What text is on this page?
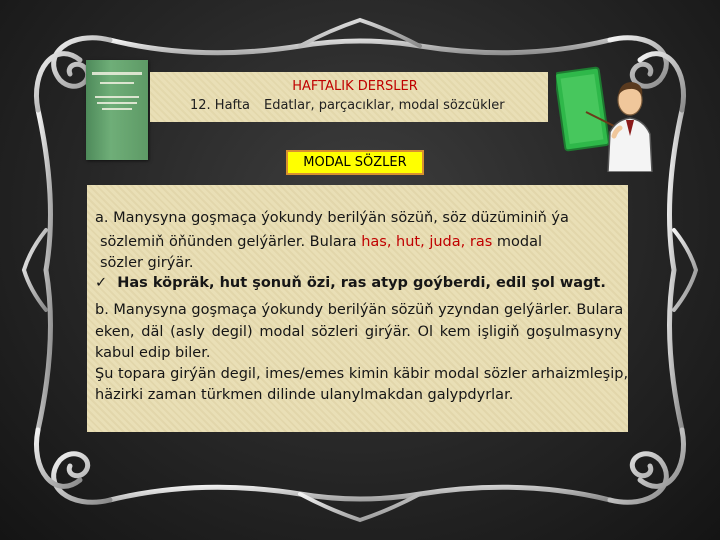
HAFTALIK DERSLER
12. Hafta Edatlar, parçacıklar, modal sözcükler
MODAL SÖZLER
a. Manysyna goşmaça ýokundy berilýän sözüň, söz düzüminiň ýa
sözlemiň öňünden gelýärler. Bulara has, hut, juda, ras modal
sözler girýär.
✓ Has köpräk, hut şonuň özi, ras atyp goýberdi, edil şol wagt.
b. Manysyna goşmaça ýokundy berilýän sözüň yzyndan gelýärler. Bulara
eken, däl (asly degil) modal sözleri girýär. Ol kem işligiň goşulmasyny
kabul edip biler.
Şu topara girýän degil, imes/emes kimin käbir modal sözler arhaizmleşip,
häzirki zaman türkmen dilinde ulanylmakdan galypdyrlar.
